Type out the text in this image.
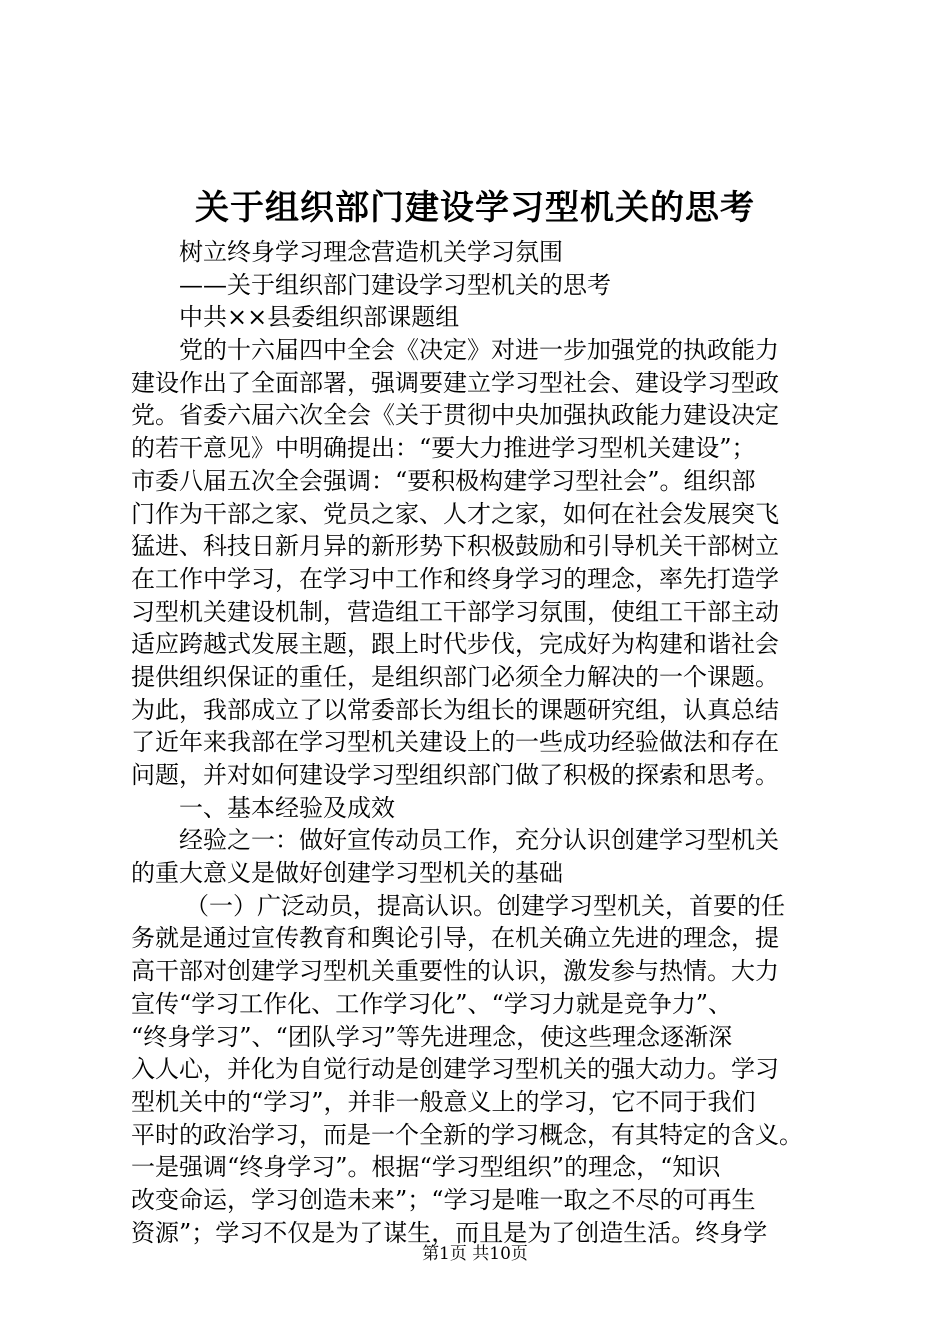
关于组织部门建设学习型机关的思考
树立终身学习理念营造机关学习氛围
——关于组织部门建设学习型机关的思考
中共××县委组织部课题组
党的十六届四中全会《决定》对进一步加强党的执政能力
建设作出了全面部署，强调要建立学习型社会、建设学习型政
党。省委六届六次全会《关于贯彻中央加强执政能力建设决定
的若干意见》中明确提出：“要大力推进学习型机关建设”；
市委八届五次全会强调：“要积极构建学习型社会”。组织部
门作为干部之家、党员之家、人才之家，如何在社会发展突飞
猛进、科技日新月异的新形势下积极鼓励和引导机关干部树立
在工作中学习，在学习中工作和终身学习的理念，率先打造学
习型机关建设机制，营造组工干部学习氛围，使组工干部主动
适应跨越式发展主题，跟上时代步伐，完成好为构建和谐社会
提供组织保证的重任，是组织部门必须全力解决的一个课题。
为此，我部成立了以常委部长为组长的课题研究组，认真总结
了近年来我部在学习型机关建设上的一些成功经验做法和存在
问题，并对如何建设学习型组织部门做了积极的探索和思考。
一、基本经验及成效
经验之一：做好宣传动员工作，充分认识创建学习型机关
的重大意义是做好创建学习型机关的基础
（一）广泛动员，提高认识。创建学习型机关，首要的任
务就是通过宣传教育和舆论引导，在机关确立先进的理念，提
高干部对创建学习型机关重要性的认识，激发参与热情。大力
宣传“学习工作化、工作学习化”、“学习力就是竞争力”、
“终身学习”、“团队学习”等先进理念，使这些理念逐渐深
入人心，并化为自觉行动是创建学习型机关的强大动力。学习
型机关中的“学习”，并非一般意义上的学习，它不同于我们
平时的政治学习，而是一个全新的学习概念，有其特定的含义。
一是强调“终身学习”。根据“学习型组织”的理念，“知识
改变命运，学习创造未来”；“学习是唯一取之不尽的可再生
资源”；学习不仅是为了谋生，而且是为了创造生活。终身学
第1页 共10页
